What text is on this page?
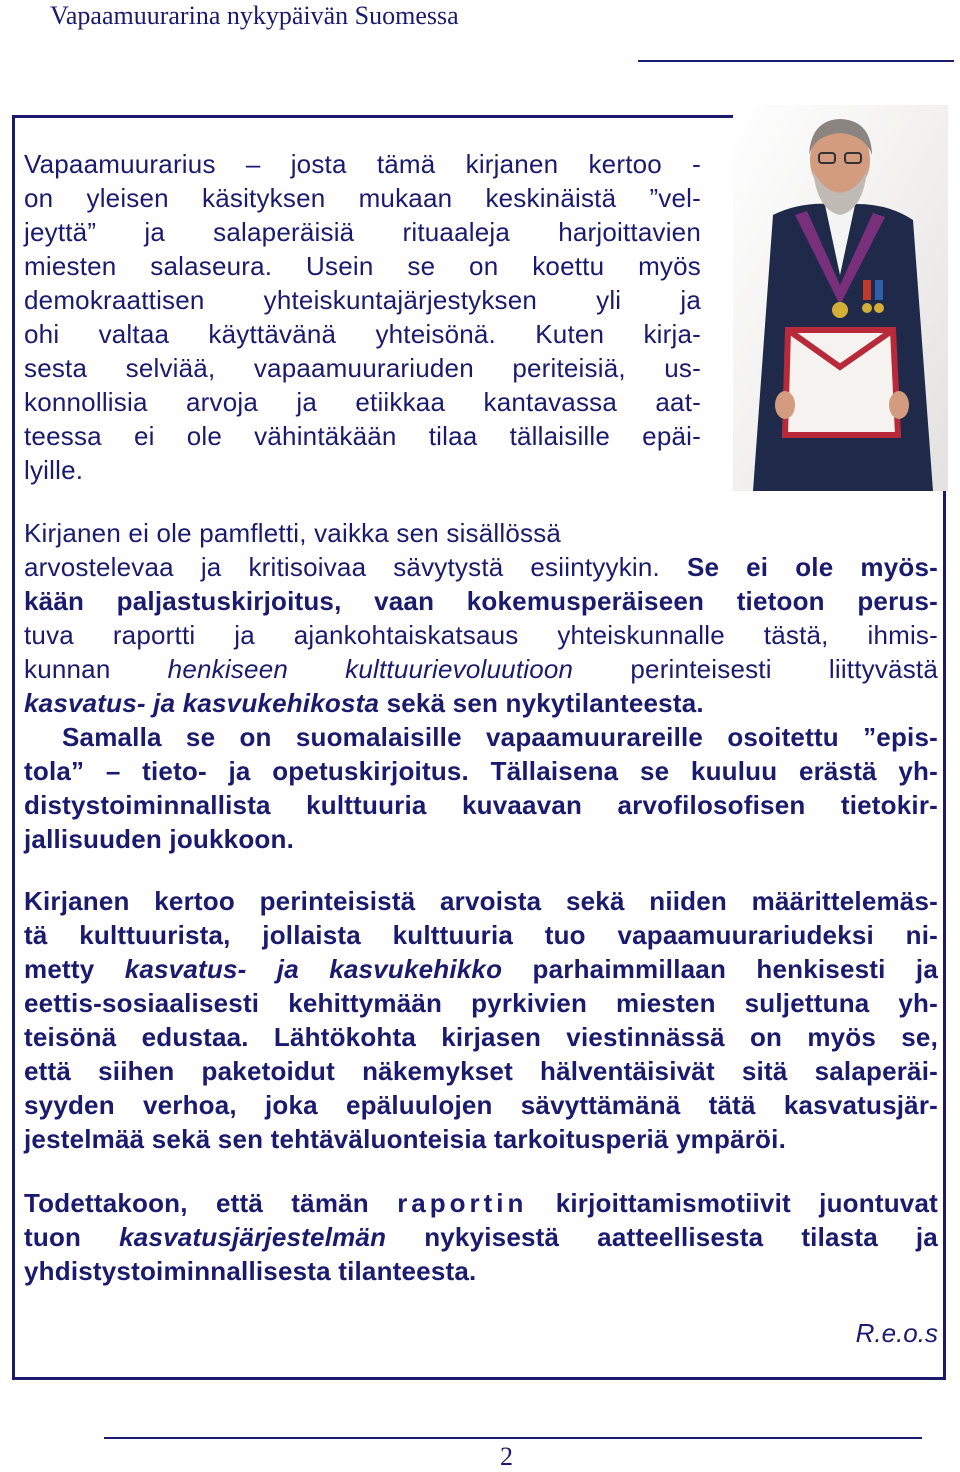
Vapaamuurarina nykypäivän Suomessa
Vapaamuurarius – josta tämä kirjanen kertoo -
on yleisen käsityksen mukaan keskinäistä ”vel-
jeyttä” ja salaperäisiä rituaaleja harjoittavien
miesten salaseura. Usein se on koettu myös
demokraattisen yhteiskuntajärjestyksen yli ja
ohi valtaa käyttävänä yhteisönä. Kuten kirja-
sesta selviää, vapaamuurariuden periteisiä, us-
konnollisia arvoja ja etiikkaa kantavassa aat-
teessa ei ole vähintäkään tilaa tällaisille epäi-
lyille.
Kirjanen ei ole pamfletti, vaikka sen sisällössä
arvostelevaa ja kritisoivaa sävytystä esiintyykin. Se ei ole myös-
kään paljastuskirjoitus, vaan kokemusperäiseen tietoon perus-
tuva raportti ja ajankohtaiskatsaus yhteiskunnalle tästä, ihmis-
kunnan henkiseen kulttuurievoluutioon perinteisesti liittyvästä
kasvatus- ja kasvukehikosta sekä sen nykytilanteesta.
Samalla se on suomalaisille vapaamuurareille osoitettu ”epis-
tola” – tieto- ja opetuskirjoitus. Tällaisena se kuuluu erästä yh-
distystoiminnallista kulttuuria kuvaavan arvofilosofisen tietokir-
jallisuuden joukkoon.
Kirjanen kertoo perinteisistä arvoista sekä niiden määrittelemäs-
tä kulttuurista, jollaista kulttuuria tuo vapaamuurariudeksi ni-
metty kasvatus- ja kasvukehikko parhaimmillaan henkisesti ja
eettis-sosiaalisesti kehittymään pyrkivien miesten suljettuna yh-
teisönä edustaa. Lähtökohta kirjasen viestinnässä on myös se,
että siihen paketoidut näkemykset hälventäisivät sitä salaperäi-
syyden verhoa, joka epäluulojen sävyttämänä tätä kasvatusjär-
jestelmää sekä sen tehtäväluonteisia tarkoitusperiä ympäröi.
Todettakoon, että tämän raportin kirjoittamismotiivit juontuvat
tuon kasvatusjärjestelmän nykyisestä aatteellisesta tilasta ja
yhdistystoiminnallisesta tilanteesta.
R.e.o.s
2
